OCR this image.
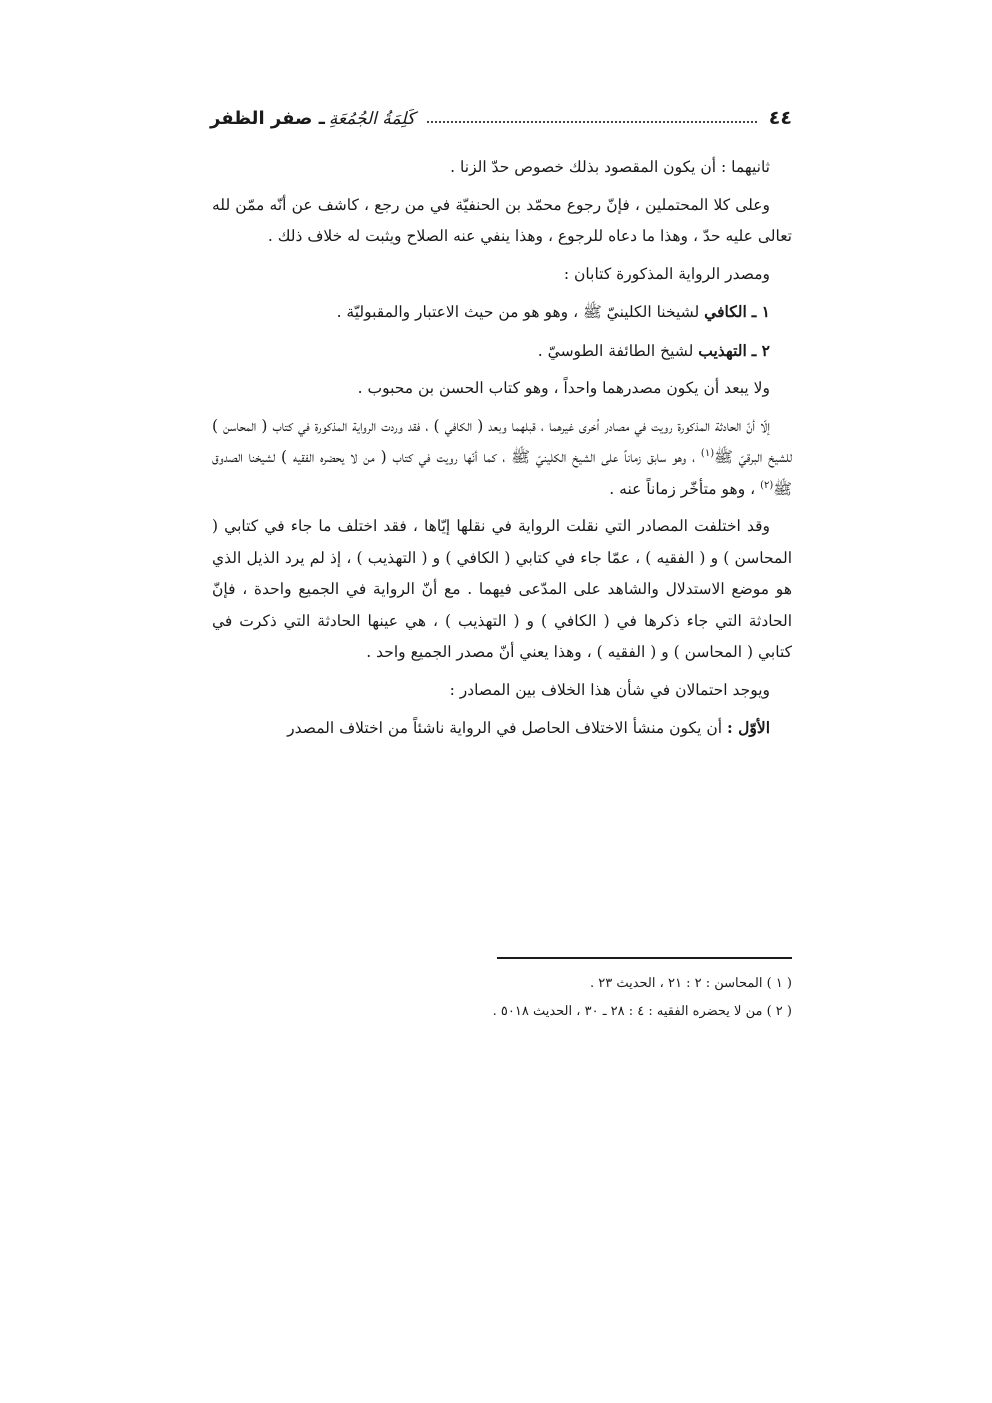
٤٤
كَلِمَةُ الجُمُعَةِـ صفر الظفر

ثانيهما : أن يكون المقصود بذلك خصوص حدّ الزنا .

وعلى كلا المحتملين ، فإنّ رجوع محمّد بن الحنفيّة في من رجع ، كاشف عن أنّه ممّن لله تعالى عليه حدّ ، وهذا ما دعاه للرجوع ، وهذا ينفي عنه الصلاح ويثبت له خلاف ذلك .

ومصدر الرواية المذكورة كتابان :

١ ـ الكافي لشيخنا الكلينيّ ﷺ ، وهو هو من حيث الاعتبار والمقبوليّة .

٢ ـ التهذيب لشيخ الطائفة الطوسيّ .

ولا يبعد أن يكون مصدرهما واحداً ، وهو كتاب الحسن بن محبوب .

إلّا أنّ الحادثة المذكورة رويت في مصادر اُخرى غيرهما ، قبلهما وبعد ( الكافي ) ، فقد وردت الرواية المذكورة في كتاب ( المحاسن ) للشيخ البرقيّ ﷺ$^{(١)}$ ، وهو سابق زماناً على الشيخ الكلينيّ ﷺ ، كما أنّها رويت في كتاب ( من لا يحضره الفقيه ) لشيخنا الصدوق ﷺ$^{(٢)}$ ، وهو متأخّر زماناً عنه .

وقد اختلفت المصادر التي نقلت الرواية في نقلها إيّاها ، فقد اختلف ما جاء في كتابي ( المحاسن ) و ( الفقيه ) ، عمّا جاء في كتابي ( الكافي ) و ( التهذيب ) ، إذ لم يرد الذيل الذي هو موضع الاستدلال والشاهد على المدّعى فيهما . مع أنّ الرواية في الجميع واحدة ، فإنّ الحادثة التي جاء ذكرها في ( الكافي ) و ( التهذيب ) ، هي عينها الحادثة التي ذكرت في كتابي ( المحاسن ) و ( الفقيه ) ، وهذا يعني أنّ مصدر الجميع واحد .

ويوجد احتمالان في شأن هذا الخلاف بين المصادر :

الأوّل : أن يكون منشأ الاختلاف الحاصل في الرواية ناشئاً من اختلاف المصدر

( ١ ) المحاسن : ٢ : ٢١ ، الحديث ٢٣ .

( ٢ ) من لا يحضره الفقيه : ٤ : ٢٨ ـ ٣٠ ، الحديث ٥٠١٨ .
